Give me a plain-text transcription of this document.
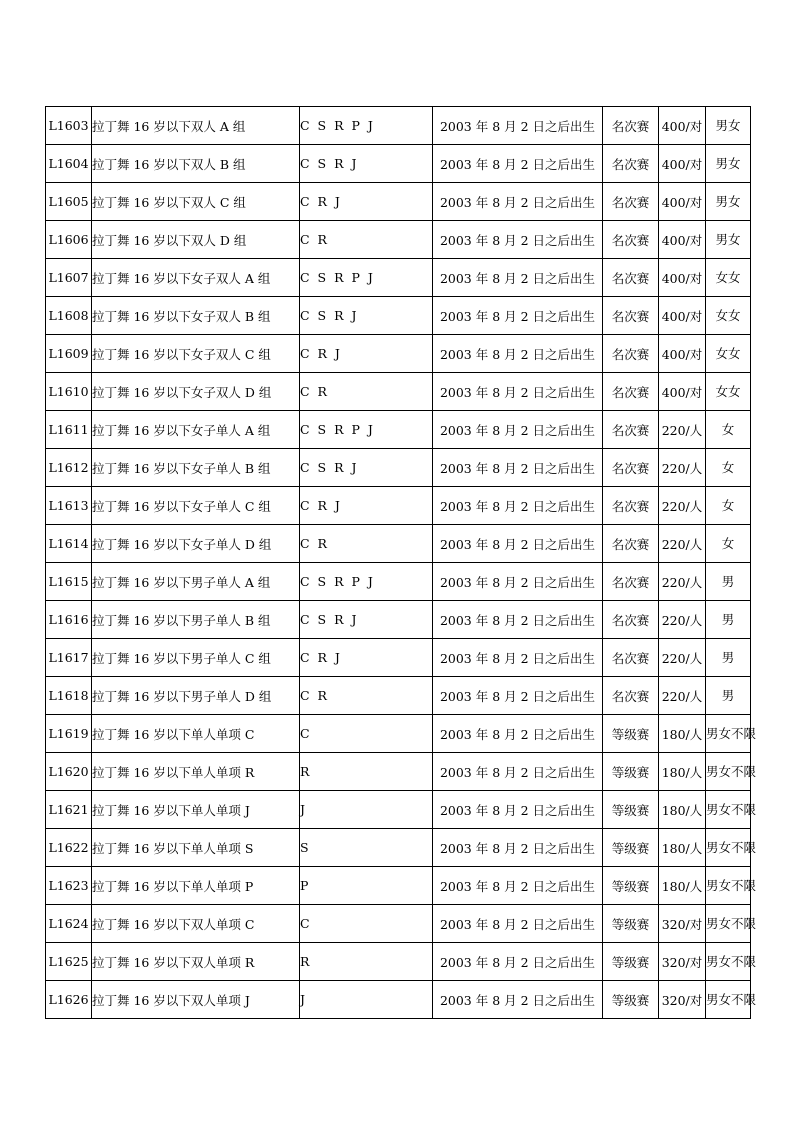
L1603	拉丁舞 16 岁以下双人 A 组	C S R P J	2003 年 8 月 2 日之后出生	名次赛	400/对	男女
L1604	拉丁舞 16 岁以下双人 B 组	C S R J	2003 年 8 月 2 日之后出生	名次赛	400/对	男女
L1605	拉丁舞 16 岁以下双人 C 组	C R J	2003 年 8 月 2 日之后出生	名次赛	400/对	男女
L1606	拉丁舞 16 岁以下双人 D 组	C R	2003 年 8 月 2 日之后出生	名次赛	400/对	男女
L1607	拉丁舞 16 岁以下女子双人 A 组	C S R P J	2003 年 8 月 2 日之后出生	名次赛	400/对	女女
L1608	拉丁舞 16 岁以下女子双人 B 组	C S R J	2003 年 8 月 2 日之后出生	名次赛	400/对	女女
L1609	拉丁舞 16 岁以下女子双人 C 组	C R J	2003 年 8 月 2 日之后出生	名次赛	400/对	女女
L1610	拉丁舞 16 岁以下女子双人 D 组	C R	2003 年 8 月 2 日之后出生	名次赛	400/对	女女
L1611	拉丁舞 16 岁以下女子单人 A 组	C S R P J	2003 年 8 月 2 日之后出生	名次赛	220/人	女
L1612	拉丁舞 16 岁以下女子单人 B 组	C S R J	2003 年 8 月 2 日之后出生	名次赛	220/人	女
L1613	拉丁舞 16 岁以下女子单人 C 组	C R J	2003 年 8 月 2 日之后出生	名次赛	220/人	女
L1614	拉丁舞 16 岁以下女子单人 D 组	C R	2003 年 8 月 2 日之后出生	名次赛	220/人	女
L1615	拉丁舞 16 岁以下男子单人 A 组	C S R P J	2003 年 8 月 2 日之后出生	名次赛	220/人	男
L1616	拉丁舞 16 岁以下男子单人 B 组	C S R J	2003 年 8 月 2 日之后出生	名次赛	220/人	男
L1617	拉丁舞 16 岁以下男子单人 C 组	C R J	2003 年 8 月 2 日之后出生	名次赛	220/人	男
L1618	拉丁舞 16 岁以下男子单人 D 组	C R	2003 年 8 月 2 日之后出生	名次赛	220/人	男
L1619	拉丁舞 16 岁以下单人单项 C	C	2003 年 8 月 2 日之后出生	等级赛	180/人	男女不限
L1620	拉丁舞 16 岁以下单人单项 R	R	2003 年 8 月 2 日之后出生	等级赛	180/人	男女不限
L1621	拉丁舞 16 岁以下单人单项 J	J	2003 年 8 月 2 日之后出生	等级赛	180/人	男女不限
L1622	拉丁舞 16 岁以下单人单项 S	S	2003 年 8 月 2 日之后出生	等级赛	180/人	男女不限
L1623	拉丁舞 16 岁以下单人单项 P	P	2003 年 8 月 2 日之后出生	等级赛	180/人	男女不限
L1624	拉丁舞 16 岁以下双人单项 C	C	2003 年 8 月 2 日之后出生	等级赛	320/对	男女不限
L1625	拉丁舞 16 岁以下双人单项 R	R	2003 年 8 月 2 日之后出生	等级赛	320/对	男女不限
L1626	拉丁舞 16 岁以下双人单项 J	J	2003 年 8 月 2 日之后出生	等级赛	320/对	男女不限
